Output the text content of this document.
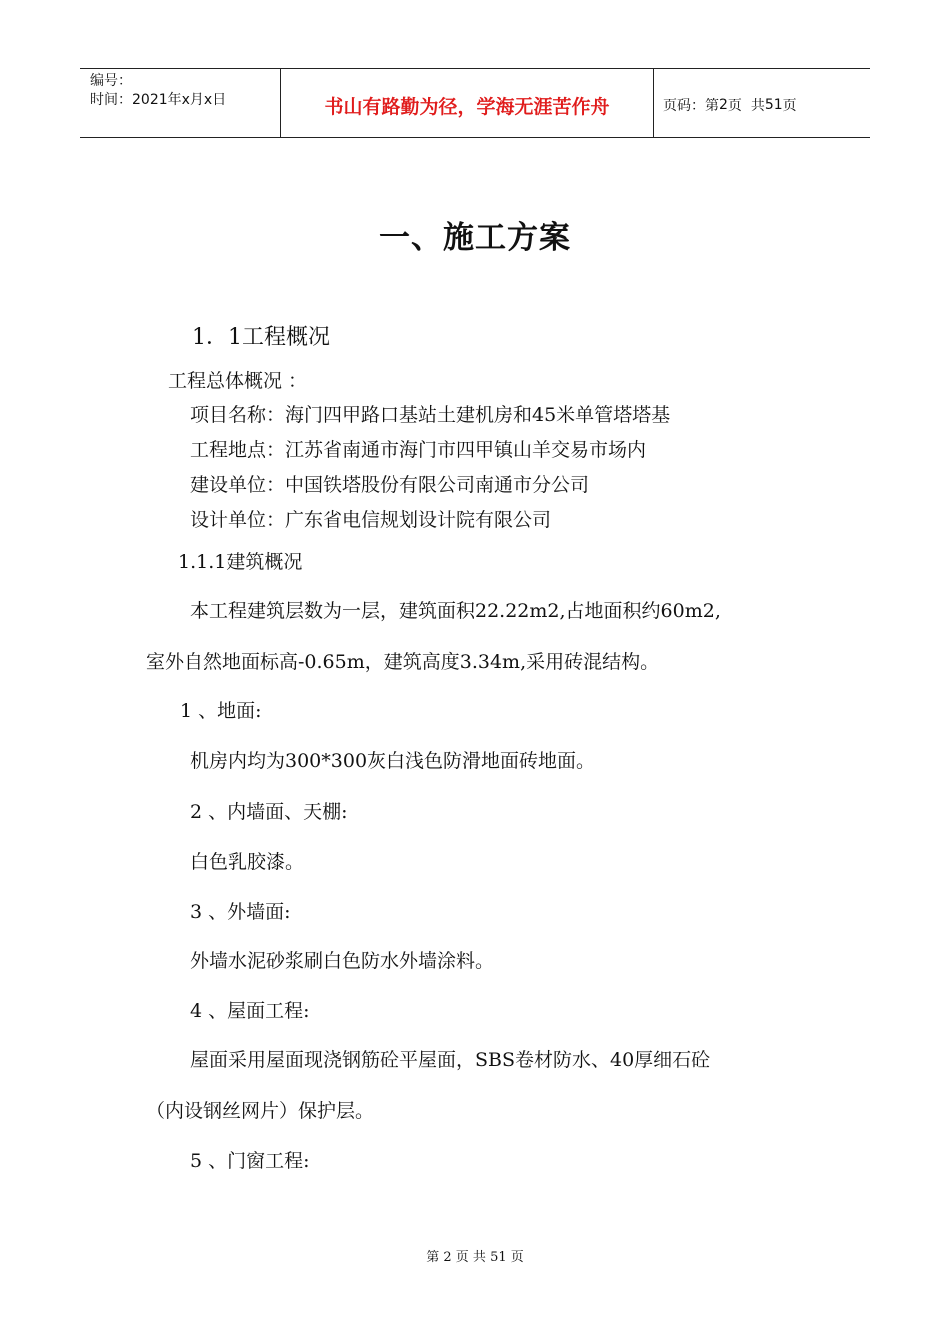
编号：
时间：2021年x月x日	书山有路勤为径，学海无涯苦作舟	页码：第 2 页  共 51 页
一、施工方案
1．1工程概况
工程总体概况 ：
项目名称：海门四甲路口基站土建机房和45米单管塔塔基
工程地点：江苏省南通市海门市四甲镇山羊交易市场内
建设单位：中国铁塔股份有限公司南通市分公司
设计单位：广东省电信规划设计院有限公司
1.1.1建筑概况
本工程建筑层数为一层，建筑面积22.22m2,占地面积约60m2,
室外自然地面标高-0.65m，建筑高度3.34m,采用砖混结构。
1 、地面:
机房内均为300*300灰白浅色防滑地面砖地面。
2 、内墙面、天棚:
白色乳胶漆。
3 、外墙面:
外墙水泥砂浆刷白色防水外墙涂料。
4 、屋面工程:
屋面采用屋面现浇钢筋砼平屋面，SBS卷材防水、40厚细石砼
（内设钢丝网片）保护层。
5 、门窗工程:
第 2 页 共 51 页
